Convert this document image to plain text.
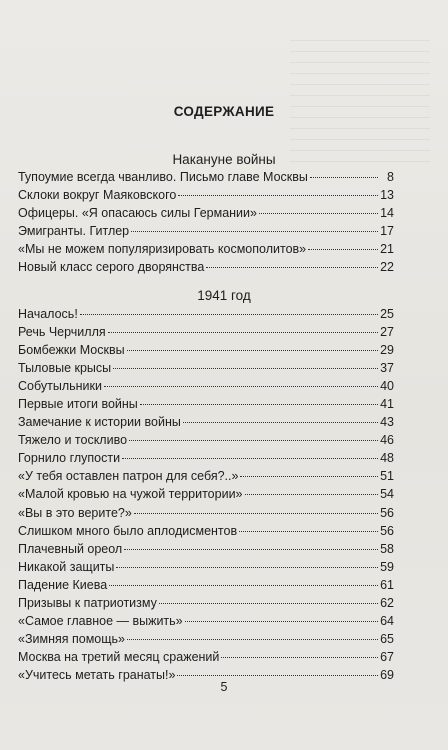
СОДЕРЖАНИЕ
Накануне войны
Тупоумие всегда чванливо. Письмо главе Москвы	8
Склоки вокруг Маяковского	13
Офицеры. «Я опасаюсь силы Германии»	14
Эмигранты. Гитлер	17
«Мы не можем популяризировать космополитов»	21
Новый класс серого дворянства	22
1941 год
Началось!	25
Речь Черчилля	27
Бомбежки Москвы	29
Тыловые крысы	37
Собутыльники	40
Первые итоги войны	41
Замечание к истории войны	43
Тяжело и тоскливо	46
Горнило глупости	48
«У тебя оставлен патрон для себя?..»	51
«Малой кровью на чужой территории»	54
«Вы в это верите?»	56
Слишком много было аплодисментов	56
Плачевный ореол	58
Никакой защиты	59
Падение Киева	61
Призывы к патриотизму	62
«Самое главное — выжить»	64
«Зимняя помощь»	65
Москва на третий месяц сражений	67
«Учитесь метать гранаты!»	69
5
